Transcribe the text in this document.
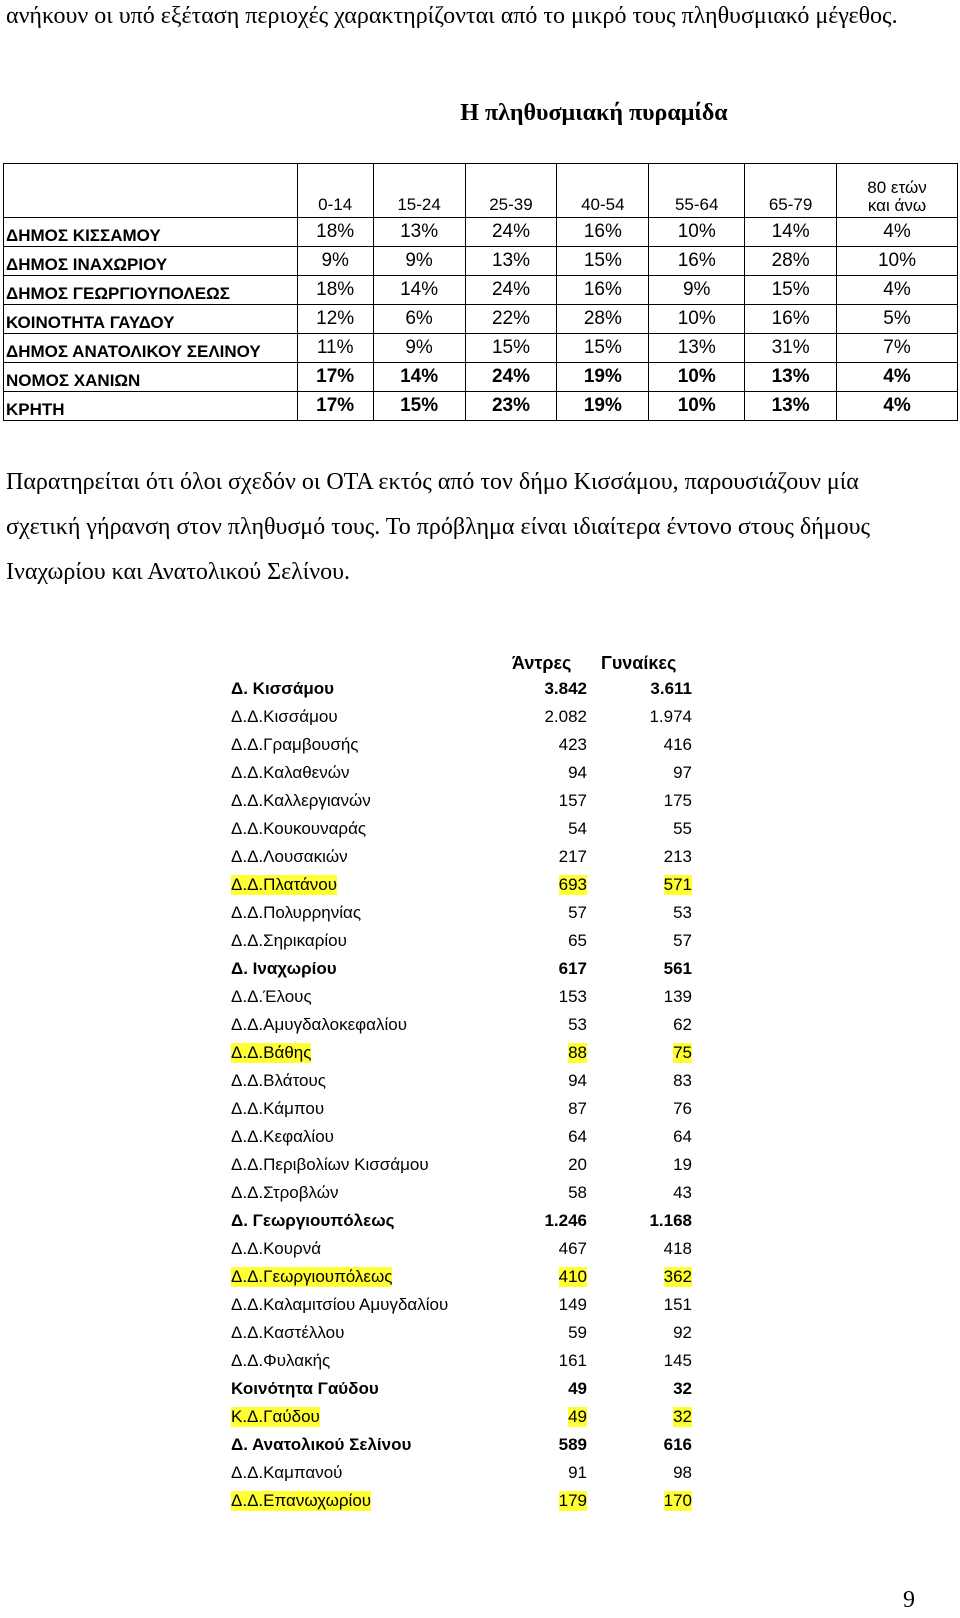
ανήκουν οι υπό εξέταση περιοχές χαρακτηρίζονται από το μικρό τους πληθυσμιακό μέγεθος.
Η πληθυσμιακή πυραμίδα
	0-14	15-24	25-39	40-54	55-64	65-79	80 ετών και άνω
ΔΗΜΟΣ ΚΙΣΣΑΜΟΥ	18%	13%	24%	16%	10%	14%	4%
ΔΗΜΟΣ ΙΝΑΧΩΡΙΟΥ	9%	9%	13%	15%	16%	28%	10%
ΔΗΜΟΣ ΓΕΩΡΓΙΟΥΠΟΛΕΩΣ	18%	14%	24%	16%	9%	15%	4%
ΚΟΙΝΟΤΗΤΑ ΓΑΥΔΟΥ	12%	6%	22%	28%	10%	16%	5%
ΔΗΜΟΣ ΑΝΑΤΟΛΙΚΟΥ ΣΕΛΙΝΟΥ	11%	9%	15%	15%	13%	31%	7%
ΝΟΜΟΣ ΧΑΝΙΩΝ	17%	14%	24%	19%	10%	13%	4%
ΚΡΗΤΗ	17%	15%	23%	19%	10%	13%	4%
Παρατηρείται ότι όλοι σχεδόν οι ΟΤΑ εκτός από τον δήμο Κισσάμου, παρουσιάζουν μία σχετική γήρανση στον πληθυσμό τους. Το πρόβλημα είναι ιδιαίτερα έντονο στους δήμους Ιναχωρίου και Ανατολικού Σελίνου.
Άντρες Γυναίκες
Δ. Κισσάμου	3.842	3.611
Δ.Δ.Κισσάμου	2.082	1.974
Δ.Δ.Γραμβουσής	423	416
Δ.Δ.Καλαθενών	94	97
Δ.Δ.Καλλεργιανών	157	175
Δ.Δ.Κουκουναράς	54	55
Δ.Δ.Λουσακιών	217	213
Δ.Δ.Πλατάνου	693	571
Δ.Δ.Πολυρρηνίας	57	53
Δ.Δ.Σηρικαρίου	65	57
Δ. Ιναχωρίου	617	561
Δ.Δ.Έλους	153	139
Δ.Δ.Αμυγδαλοκεφαλίου	53	62
Δ.Δ.Βάθης	88	75
Δ.Δ.Βλάτους	94	83
Δ.Δ.Κάμπου	87	76
Δ.Δ.Κεφαλίου	64	64
Δ.Δ.Περιβολίων Κισσάμου	20	19
Δ.Δ.Στροβλών	58	43
Δ. Γεωργιουπόλεως	1.246	1.168
Δ.Δ.Κουρνά	467	418
Δ.Δ.Γεωργιουπόλεως	410	362
Δ.Δ.Καλαμιτσίου Αμυγδαλίου	149	151
Δ.Δ.Καστέλλου	59	92
Δ.Δ.Φυλακής	161	145
Κοινότητα Γαύδου	49	32
Κ.Δ.Γαύδου	49	32
Δ. Ανατολικού Σελίνου	589	616
Δ.Δ.Καμπανού	91	98
Δ.Δ.Επανωχωρίου	179	170
9
